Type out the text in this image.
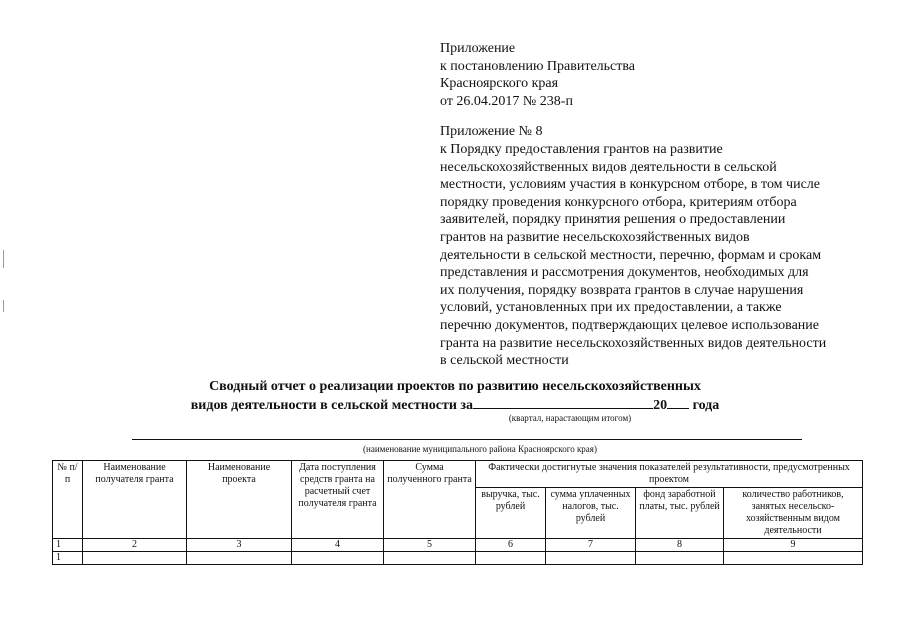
Приложение
к постановлению Правительства
Красноярского края
от 26.04.2017 № 238-п
Приложение № 8
к Порядку предоставления грантов на развитие
несельскохозяйственных видов деятельности в сельской
местности, условиям участия в конкурсном отборе, в том числе
порядку проведения конкурсного отбора, критериям отбора
заявителей, порядку принятия решения о предоставлении
грантов на развитие несельскохозяйственных видов
деятельности в сельской местности, перечню, формам и срокам
представления и рассмотрения документов, необходимых для
их получения, порядку возврата грантов в случае нарушения
условий, установленных при их предоставлении, а также
перечню документов, подтверждающих целевое использование
гранта на развитие несельскохозяйственных видов деятельности
в сельской местности
Сводный отчет о реализации проектов по развитию несельскохозяйственных
видов деятельности в сельской местности за	20 года
(квартал, нарастающим итогом)
(наименование муниципального района Красноярского края)
№ п/п	Наименование получателя гранта	Наименование проекта	Дата поступления средств гранта на расчетный счет получателя гранта	Сумма полученного гранта	Фактически достигнутые значения показателей результативности, предусмотренных проектом			
					выручка, тыс. рублей	сумма уплаченных налогов, тыс. рублей	фонд заработной платы, тыс. рублей	количество работников, занятых несельско-хозяйственным видом деятельности
1	2	3	4	5	6	7	8	9
1								
